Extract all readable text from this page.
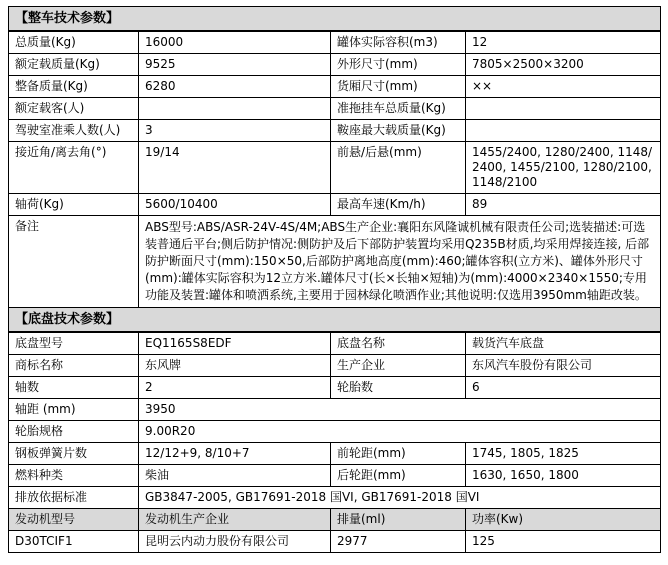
【整车技术参数】			
总质量(Kg)	16000	罐体实际容积(m3)	12
额定载质量(Kg)	9525	外形尺寸(mm)	7805×2500×3200
整备质量(Kg)	6280	货厢尺寸(mm)	××
额定载客(人)		准拖挂车总质量(Kg)	
驾驶室准乘人数(人)	3	鞍座最大载质量(Kg)	
接近角/离去角(°)	19/14	前悬/后悬(mm)	1455/2400, 1280/2400, 1148/2400, 1455/2100, 1280/2100, 1148/2100
轴荷(Kg)	5600/10400	最高车速(Km/h)	89
备注	ABS型号:ABS/ASR-24V-4S/4M;ABS生产企业:襄阳东风隆诚机械有限责任公司;选装描述:可选装普通后平台;侧后防护情况:侧防护及后下部防护装置均采用Q235B材质,均采用焊接连接, 后部防护断面尺寸(mm):150×50,后部防护离地高度(mm):460;罐体容积(立方米)、罐体外形尺寸(mm):罐体实际容积为12立方米.罐体尺寸(长×长轴×短轴)为(mm):4000×2340×1550;专用功能及装置:罐体和喷洒系统,主要用于园林绿化喷洒作业;其他说明:仅选用3950mm轴距改装。		
【底盘技术参数】			
底盘型号	EQ1165S8EDF	底盘名称	载货汽车底盘
商标名称	东风牌	生产企业	东风汽车股份有限公司
轴数	2	轮胎数	6
轴距 (mm)	3950		
轮胎规格	9.00R20		
钢板弹簧片数	12/12+9, 8/10+7	前轮距(mm)	1745, 1805, 1825
燃料种类	柴油	后轮距(mm)	1630, 1650, 1800
排放依据标准	GB3847-2005, GB17691-2018 国VI, GB17691-2018 国VI		
发动机型号	发动机生产企业	排量(ml)	功率(Kw)
D30TCIF1	昆明云内动力股份有限公司	2977	125
